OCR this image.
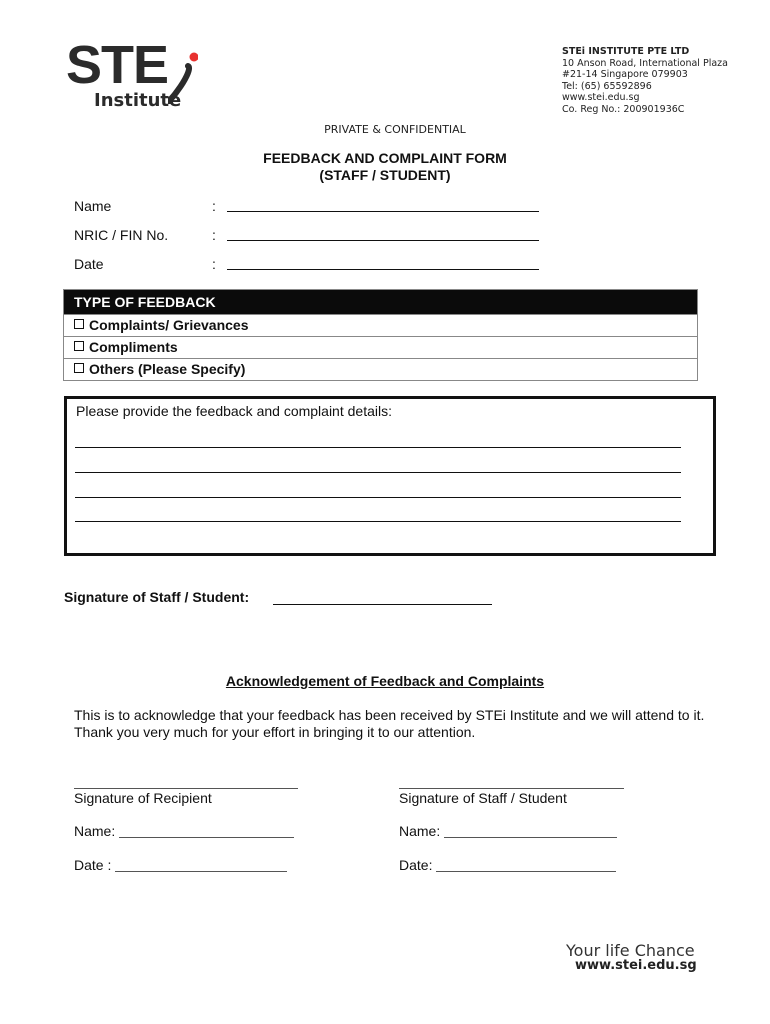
STE
Institute
STEi INSTITUTE PTE LTD
10 Anson Road, International Plaza
#21-14 Singapore 079903
Tel: (65) 65592896
www.stei.edu.sg
Co. Reg No.: 200901936C
PRIVATE & CONFIDENTIAL
FEEDBACK AND COMPLAINT FORM
(STAFF / STUDENT)
Name	:
NRIC / FIN No.	:
Date	:
TYPE OF FEEDBACK
Complaints/ Grievances
Compliments
Others (Please Specify)
Please provide the feedback and complaint details:
Signature of Staff / Student:
Acknowledgement of Feedback and Complaints
This is to acknowledge that your feedback has been received by STEi Institute and we will attend to it. Thank you very much for your effort in bringing it to our attention.
Signature of Recipient	Signature of Staff / Student
Name:	Name:
Date :	Date:
Your life Chance
www.stei.edu.sg
